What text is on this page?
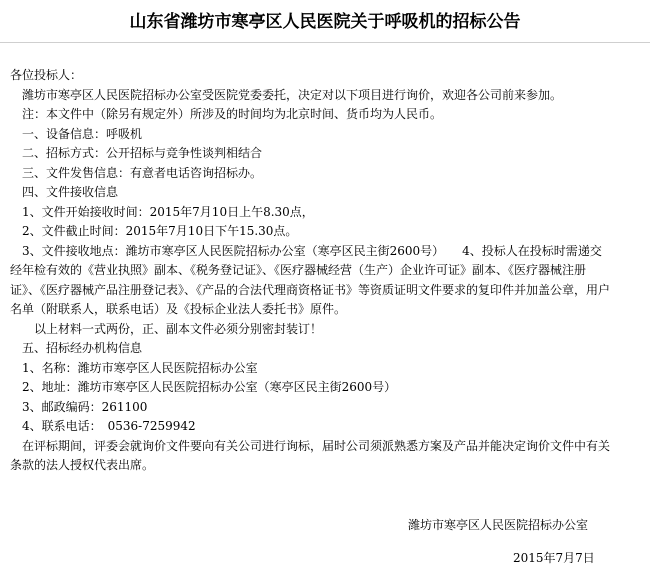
山东省潍坊市寒亭区人民医院关于呼吸机的招标公告
各位投标人：
潍坊市寒亭区人民医院招标办公室受医院党委委托，决定对以下项目进行询价，欢迎各公司前来参加。
注：本文件中（除另有规定外）所涉及的时间均为北京时间、货币均为人民币。
一、设备信息：呼吸机
二、招标方式：公开招标与竞争性谈判相结合
三、文件发售信息：有意者电话咨询招标办。
四、文件接收信息
1、文件开始接收时间：2015年7月10日上午8.30点，
2、文件截止时间：2015年7月10日下午15.30点。
3、文件接收地点：潍坊市寒亭区人民医院招标办公室（寒亭区民主街2600号）　　4、投标人在投标时需递交经年检有效的《营业执照》副本、《税务登记证》、《医疗器械经营（生产）企业许可证》副本、《医疗器械注册证》、《医疗器械产品注册登记表》、《产品的合法代理商资格证书》等资质证明文件要求的复印件并加盖公章，用户名单（附联系人，联系电话）及《投标企业法人委托书》原件。
以上材料一式两份，正、副本文件必须分别密封装订！
五、招标经办机构信息
1、名称：潍坊市寒亭区人民医院招标办公室
2、地址：潍坊市寒亭区人民医院招标办公室（寒亭区民主街2600号）
3、邮政编码：261100
4、联系电话：　0536-7259942
在评标期间，评委会就询价文件要向有关公司进行询标，届时公司须派熟悉方案及产品并能决定询价文件中有关条款的法人授权代表出席。
潍坊市寒亭区人民医院招标办公室
2015年7月7日
